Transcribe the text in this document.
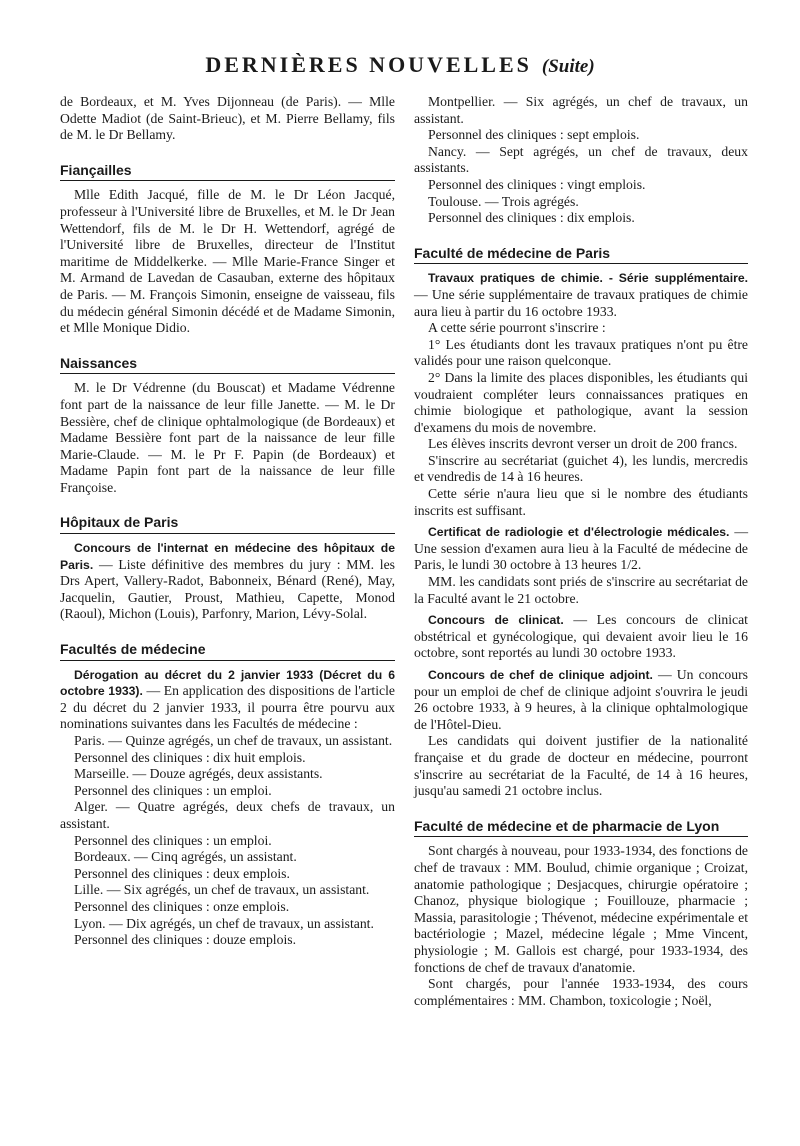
DERNIÈRES NOUVELLES (Suite)

de Bordeaux, et M. Yves Dijonneau (de Paris). — Mlle Odette Madiot (de Saint-Brieuc), et M. Pierre Bellamy, fils de M. le Dr Bellamy.

Fiançailles

Mlle Edith Jacqué, fille de M. le Dr Léon Jacqué, professeur à l'Université libre de Bruxelles, et M. le Dr Jean Wettendorf, fils de M. le Dr H. Wettendorf, agrégé de l'Université libre de Bruxelles, directeur de l'Institut maritime de Middelkerke. — Mlle Marie-France Singer et M. Armand de Lavedan de Casauban, externe des hôpitaux de Paris. — M. François Simonin, enseigne de vaisseau, fils du médecin général Simonin décédé et de Madame Simonin, et Mlle Monique Didio.

Naissances

M. le Dr Védrenne (du Bouscat) et Madame Védrenne font part de la naissance de leur fille Janette. — M. le Dr Bessière, chef de clinique ophtalmologique (de Bordeaux) et Madame Bessière font part de la naissance de leur fille Marie-Claude. — M. le Pr F. Papin (de Bordeaux) et Madame Papin font part de la naissance de leur fille Françoise.

Hôpitaux de Paris

Concours de l'internat en médecine des hôpitaux de Paris. — Liste définitive des membres du jury : MM. les Drs Apert, Vallery-Radot, Babonneix, Bénard (René), May, Jacquelin, Gautier, Proust, Mathieu, Capette, Monod (Raoul), Michon (Louis), Parfonry, Marion, Lévy-Solal.

Facultés de médecine

Dérogation au décret du 2 janvier 1933 (Décret du 6 octobre 1933). — En application des dispositions de l'article 2 du décret du 2 janvier 1933, il pourra être pourvu aux nominations suivantes dans les Facultés de médecine :

Paris. — Quinze agrégés, un chef de travaux, un assistant.

Personnel des cliniques : dix huit emplois.

Marseille. — Douze agrégés, deux assistants.

Personnel des cliniques : un emploi.

Alger. — Quatre agrégés, deux chefs de travaux, un assistant.

Personnel des cliniques : un emploi.

Bordeaux. — Cinq agrégés, un assistant.

Personnel des cliniques : deux emplois.

Lille. — Six agrégés, un chef de travaux, un assistant.

Personnel des cliniques : onze emplois.

Lyon. — Dix agrégés, un chef de travaux, un assistant.

Personnel des cliniques : douze emplois.

Montpellier. — Six agrégés, un chef de travaux, un assistant.

Personnel des cliniques : sept emplois.

Nancy. — Sept agrégés, un chef de travaux, deux assistants.

Personnel des cliniques : vingt emplois.

Toulouse. — Trois agrégés.

Personnel des cliniques : dix emplois.

Faculté de médecine de Paris

Travaux pratiques de chimie. - Série supplémentaire. — Une série supplémentaire de travaux pratiques de chimie aura lieu à partir du 16 octobre 1933.

A cette série pourront s'inscrire :

1° Les étudiants dont les travaux pratiques n'ont pu être validés pour une raison quelconque.

2° Dans la limite des places disponibles, les étudiants qui voudraient compléter leurs connaissances pratiques en chimie biologique et pathologique, avant la session d'examens du mois de novembre.

Les élèves inscrits devront verser un droit de 200 francs.

S'inscrire au secrétariat (guichet 4), les lundis, mercredis et vendredis de 14 à 16 heures.

Cette série n'aura lieu que si le nombre des étudiants inscrits est suffisant.

Certificat de radiologie et d'électrologie médicales. — Une session d'examen aura lieu à la Faculté de médecine de Paris, le lundi 30 octobre à 13 heures 1/2.

MM. les candidats sont priés de s'inscrire au secrétariat de la Faculté avant le 21 octobre.

Concours de clinicat. — Les concours de clinicat obstétrical et gynécologique, qui devaient avoir lieu le 16 octobre, sont reportés au lundi 30 octobre 1933.

Concours de chef de clinique adjoint. — Un concours pour un emploi de chef de clinique adjoint s'ouvrira le jeudi 26 octobre 1933, à 9 heures, à la clinique ophtalmologique de l'Hôtel-Dieu.

Les candidats qui doivent justifier de la nationalité française et du grade de docteur en médecine, pourront s'inscrire au secrétariat de la Faculté, de 14 à 16 heures, jusqu'au samedi 21 octobre inclus.

Faculté de médecine et de pharmacie de Lyon

Sont chargés à nouveau, pour 1933-1934, des fonctions de chef de travaux : MM. Boulud, chimie organique ; Croizat, anatomie pathologique ; Desjacques, chirurgie opératoire ; Chanoz, physique biologique ; Fouillouze, pharmacie ; Massia, parasitologie ; Thévenot, médecine expérimentale et bactériologie ; Mazel, médecine légale ; Mme Vincent, physiologie ; M. Gallois est chargé, pour 1933-1934, des fonctions de chef de travaux d'anatomie.

Sont chargés, pour l'année 1933-1934, des cours complémentaires : MM. Chambon, toxicologie ; Noël,
